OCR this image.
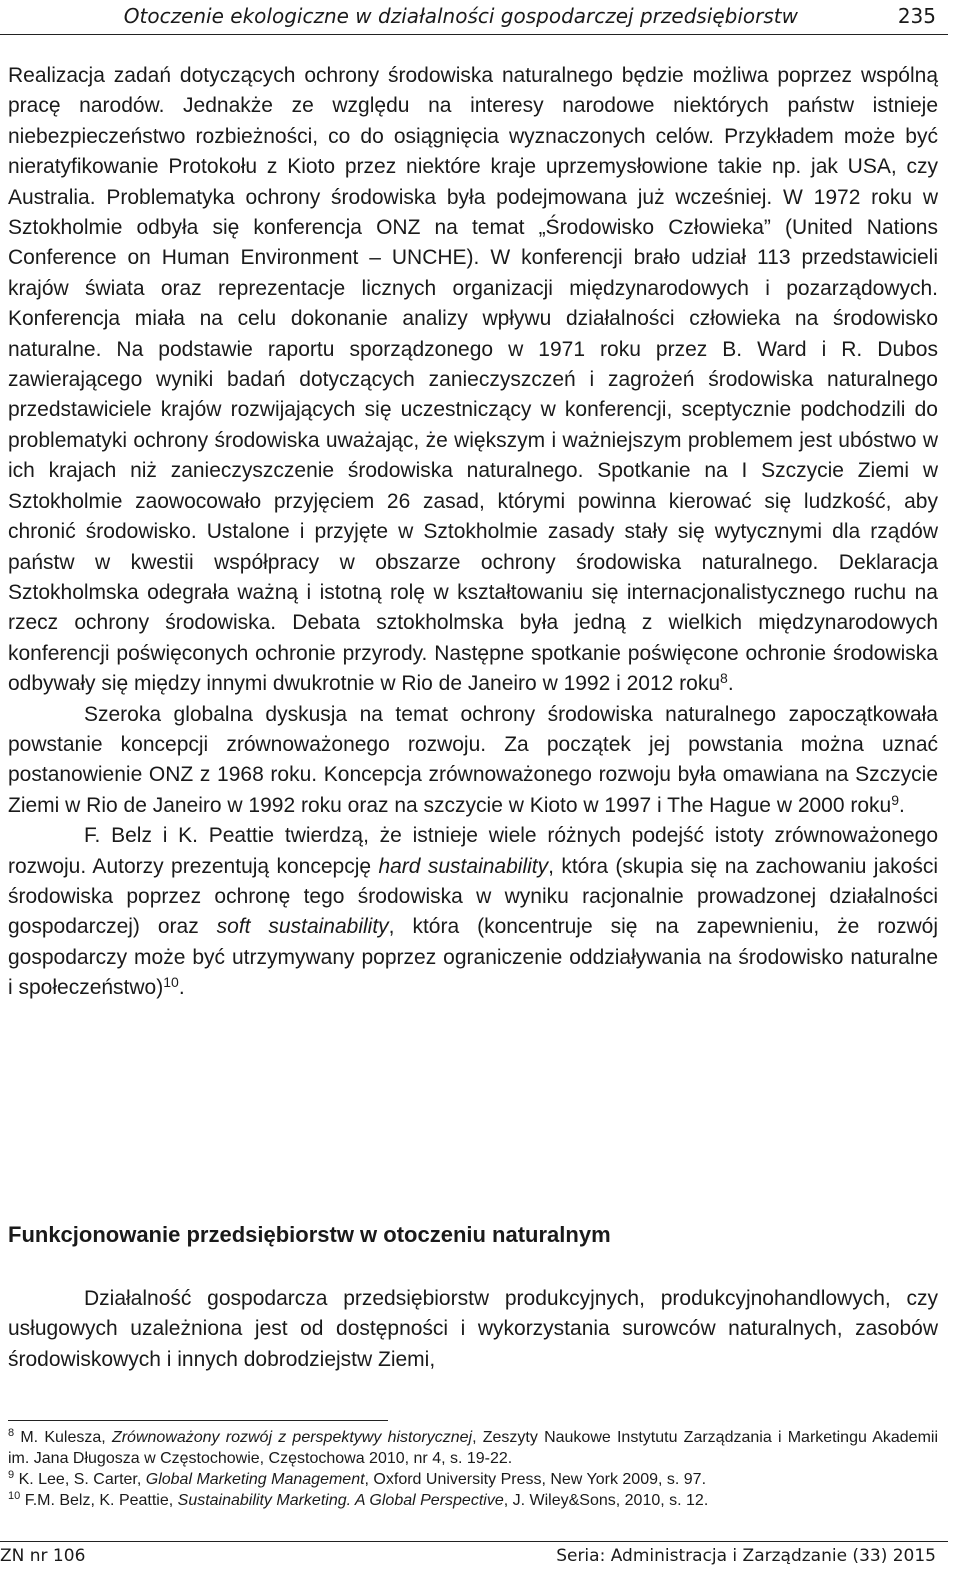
Otoczenie ekologiczne w działalności gospodarczej przedsiębiorstw	235

Realizacja zadań dotyczących ochrony środowiska naturalnego będzie możliwa poprzez wspólną pracę narodów. Jednakże ze względu na interesy narodowe niektórych państw istnieje niebezpieczeństwo rozbieżności, co do osiągnięcia wyznaczonych celów. Przykładem może być nieratyfikowanie Protokołu z Kioto przez niektóre kraje uprzemysłowione takie np. jak USA, czy Australia. Problematyka ochrony środowiska była podejmowana już wcześniej. W 1972 roku w Sztokholmie odbyła się konferencja ONZ na temat „Środowisko Człowieka” (United Nations Conference on Human Environment – UNCHE). W konferencji brało udział 113 przedstawicieli krajów świata oraz reprezentacje licznych organizacji międzynarodowych i pozarządowych. Konferencja miała na celu dokonanie analizy wpływu działalności człowieka na środowisko naturalne. Na podstawie raportu sporządzonego w 1971 roku przez B. Ward i R. Dubos zawierającego wyniki badań dotyczących zanieczyszczeń i zagrożeń środowiska naturalnego przedstawiciele krajów rozwijających się uczestniczący w konferencji, sceptycznie podchodzili do problematyki ochrony środowiska uważając, że większym i ważniejszym problemem jest ubóstwo w ich krajach niż zanieczyszczenie środowiska naturalnego. Spotkanie na I Szczycie Ziemi w Sztokholmie zaowocowało przyjęciem 26 zasad, którymi powinna kierować się ludzkość, aby chronić środowisko. Ustalone i przyjęte w Sztokholmie zasady stały się wytycznymi dla rządów państw w kwestii współpracy w obszarze ochrony środowiska naturalnego. Deklaracja Sztokholmska odegrała ważną i istotną rolę w kształtowaniu się internacjonalistycznego ruchu na rzecz ochrony środowiska. Debata sztokholmska była jedną z wielkich międzynarodowych konferencji poświęconych ochronie przyrody. Następne spotkanie poświęcone ochronie środowiska odbywały się między innymi dwukrotnie w Rio de Janeiro w 1992 i 2012 roku$^8$.

Szeroka globalna dyskusja na temat ochrony środowiska naturalnego zapoczątkowała powstanie koncepcji zrównoważonego rozwoju. Za początek jej powstania można uznać postanowienie ONZ z 1968 roku. Koncepcja zrównoważonego rozwoju była omawiana na Szczycie Ziemi w Rio de Janeiro w 1992 roku oraz na szczycie w Kioto w 1997 i The Hague w 2000 roku$^9$.

F. Belz i K. Peattie twierdzą, że istnieje wiele różnych podejść istoty zrównoważonego rozwoju. Autorzy prezentują koncepcję hard sustainability, która (skupia się na zachowaniu jakości środowiska poprzez ochronę tego środowiska w wyniku racjonalnie prowadzonej działalności gospodarczej) oraz soft sustainability, która (koncentruje się na zapewnieniu, że rozwój gospodarczy może być utrzymywany poprzez ograniczenie oddziaływania na środowisko naturalne i społeczeństwo)$^{10}$.

Funkcjonowanie przedsiębiorstw w otoczeniu naturalnym

Działalność gospodarcza przedsiębiorstw produkcyjnych, produkcyjnohandlowych, czy usługowych uzależniona jest od dostępności i wykorzystania surowców naturalnych, zasobów środowiskowych i innych dobrodziejstw Ziemi,

$^8$ M. Kulesza, Zrównoważony rozwój z perspektywy historycznej, Zeszyty Naukowe Instytutu Zarządzania i Marketingu Akademii im. Jana Długosza w Częstochowie, Częstochowa 2010, nr 4, s. 19-22.

$^9$ K. Lee, S. Carter, Global Marketing Management, Oxford University Press, New York 2009, s. 97.

$^{10}$ F.M. Belz, K. Peattie, Sustainability Marketing. A Global Perspective, J. Wiley&Sons, 2010, s. 12.

ZN nr 106	Seria: Administracja i Zarządzanie (33) 2015
